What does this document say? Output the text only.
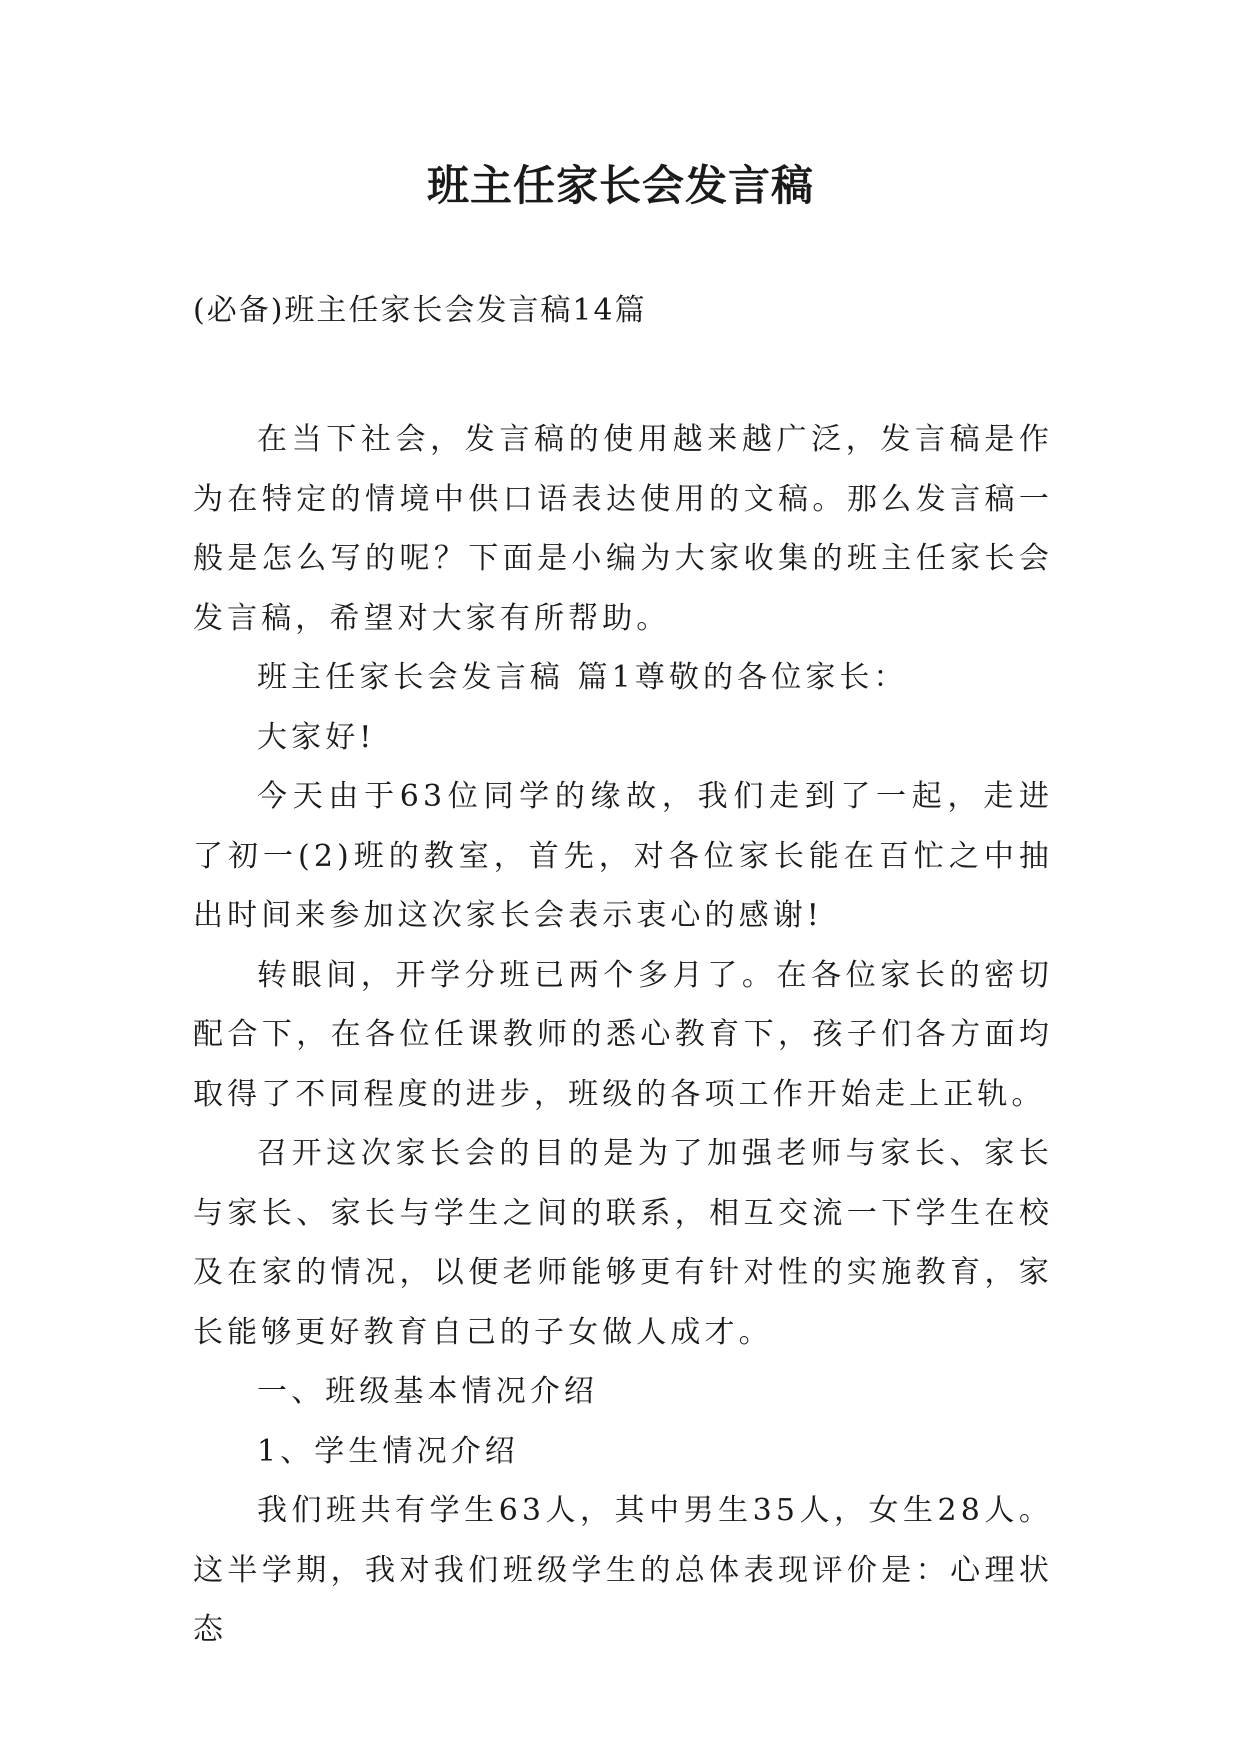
班主任家长会发言稿

(必备)班主任家长会发言稿14篇

在当下社会，发言稿的使用越来越广泛，发言稿是作为在特定的情境中供口语表达使用的文稿。那么发言稿一般是怎么写的呢？下面是小编为大家收集的班主任家长会发言稿，希望对大家有所帮助。

班主任家长会发言稿 篇1尊敬的各位家长：

大家好!

今天由于63位同学的缘故，我们走到了一起，走进了初一(2)班的教室，首先，对各位家长能在百忙之中抽出时间来参加这次家长会表示衷心的感谢!

转眼间，开学分班已两个多月了。在各位家长的密切配合下，在各位任课教师的悉心教育下，孩子们各方面均取得了不同程度的进步，班级的各项工作开始走上正轨。

召开这次家长会的目的是为了加强老师与家长、家长与家长、家长与学生之间的联系，相互交流一下学生在校及在家的情况，以便老师能够更有针对性的实施教育，家长能够更好教育自己的子女做人成才。

一、班级基本情况介绍

1、学生情况介绍

我们班共有学生63人，其中男生35人，女生28人。这半学期，我对我们班级学生的总体表现评价是：心理状态
